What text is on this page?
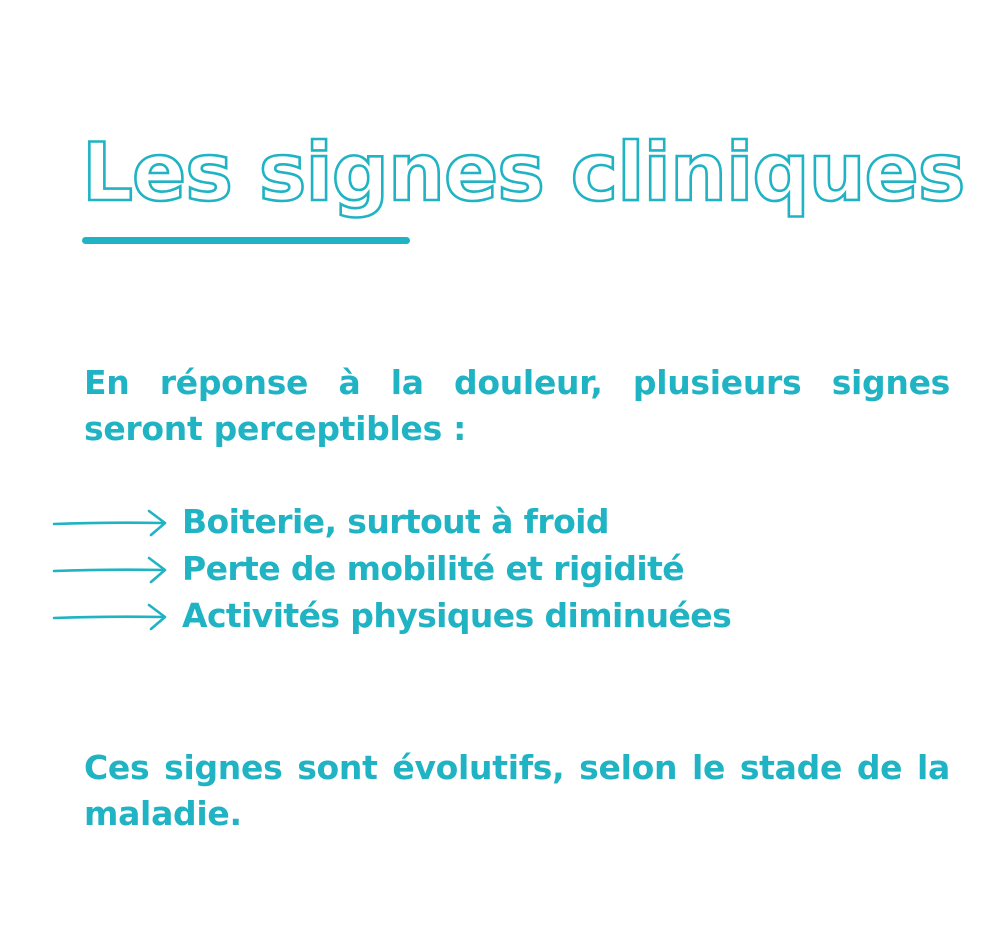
Les signes cliniques

En réponse à la douleur, plusieurs signes seront perceptibles :

Boiterie, surtout à froid
Perte de mobilité et rigidité
Activités physiques diminuées

Ces signes sont évolutifs, selon le stade de la maladie.
